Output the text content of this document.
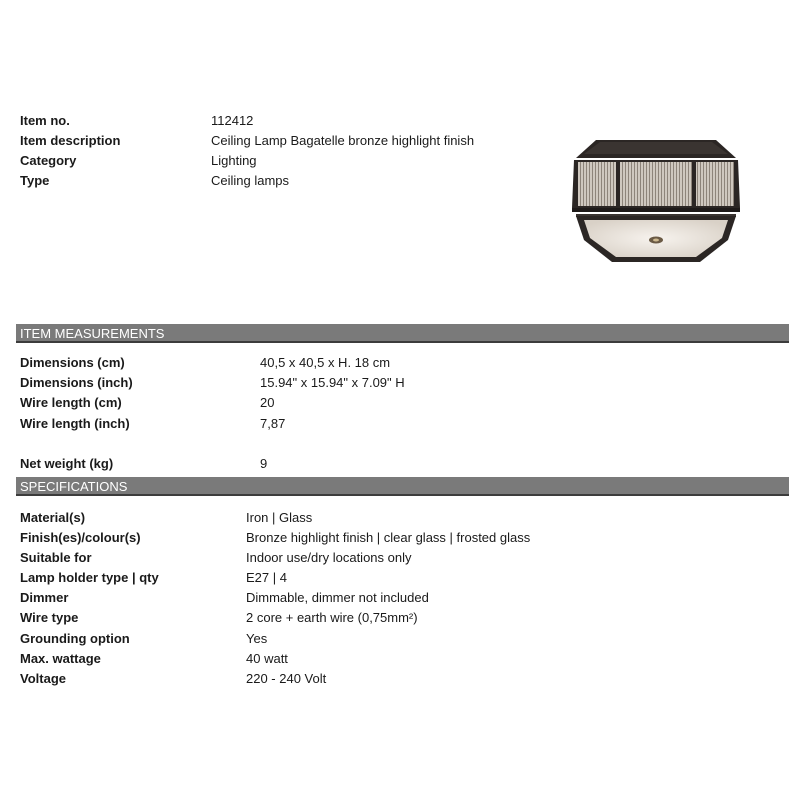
Item no.	112412
Item description	Ceiling Lamp Bagatelle bronze highlight finish
Category	Lighting
Type	Ceiling lamps
ITEM MEASUREMENTS
Dimensions (cm)	40,5 x 40,5 x H. 18 cm
Dimensions (inch)	15.94" x 15.94" x 7.09" H
Wire length (cm)	20
Wire length (inch)	7,87
Net weight (kg)	9
SPECIFICATIONS
Material(s)	Iron | Glass
Finish(es)/colour(s)	Bronze highlight finish | clear glass | frosted glass
Suitable for	Indoor use/dry locations only
Lamp holder type | qty	E27 | 4
Dimmer	Dimmable, dimmer not included
Wire type	2 core + earth wire (0,75mm²)
Grounding option	Yes
Max. wattage	40 watt
Voltage	220 - 240 Volt
